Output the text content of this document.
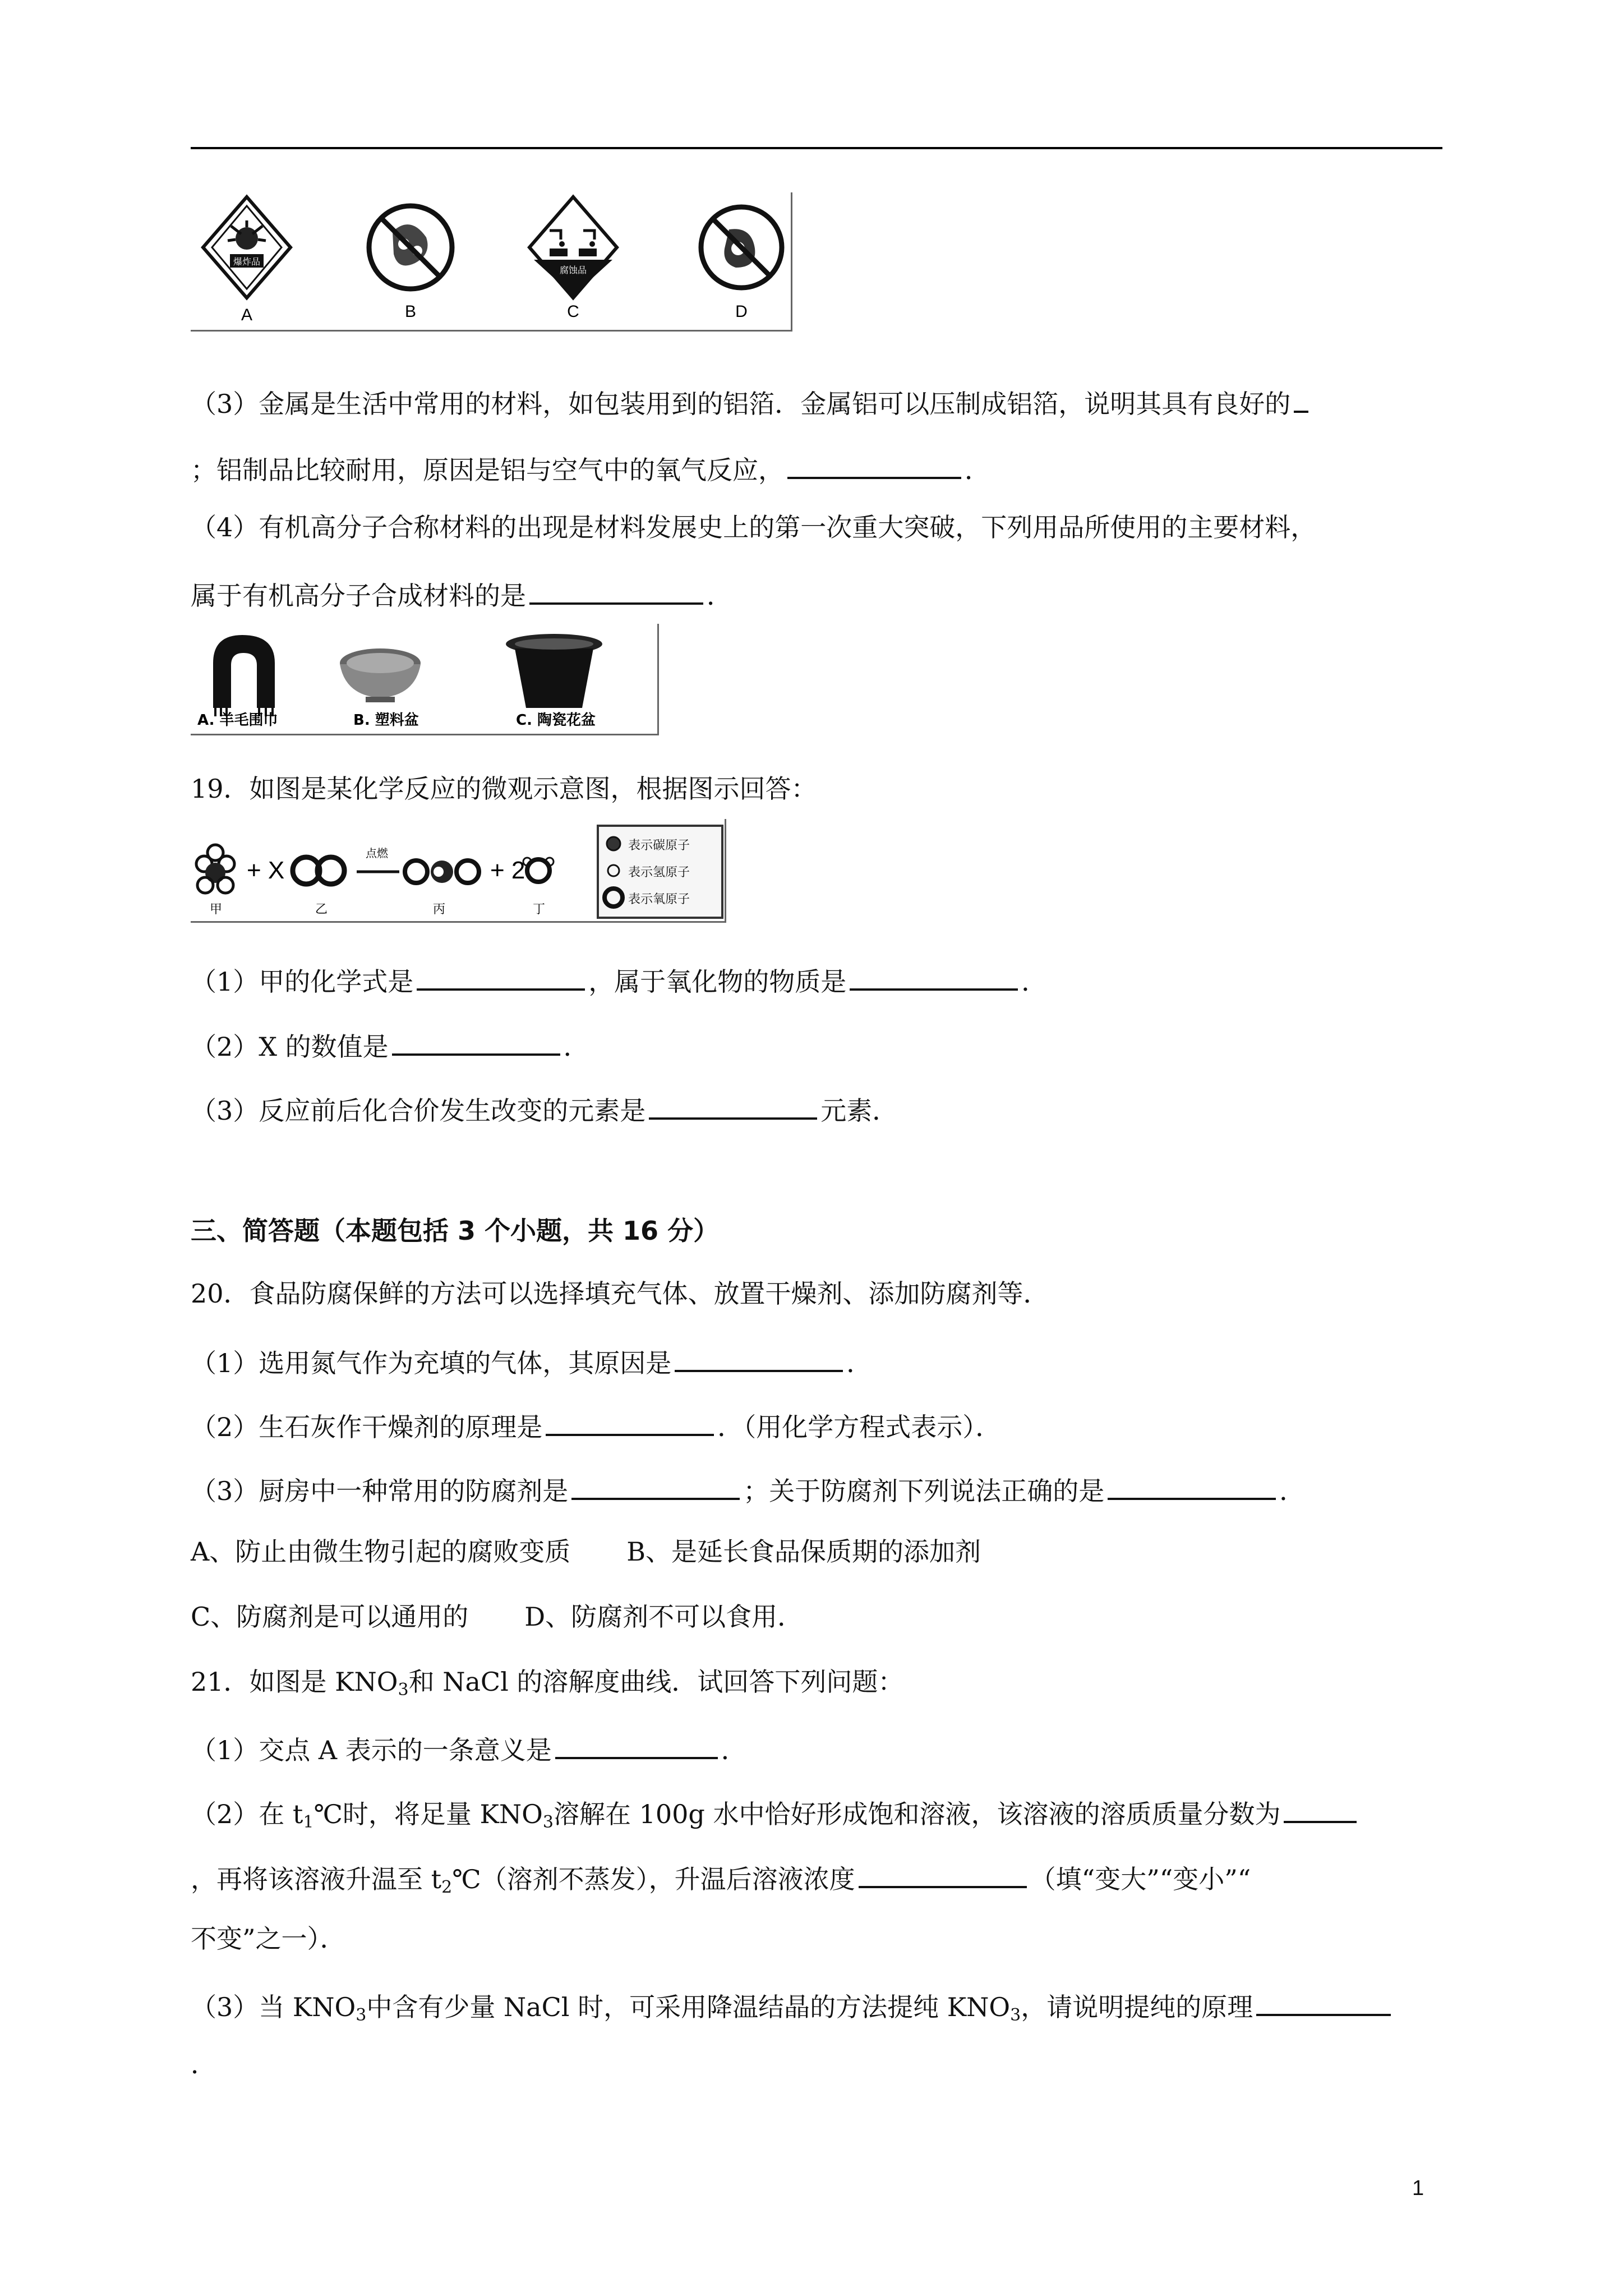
爆炸品
腐蚀品
A	B	C	D
（3）金属是生活中常用的材料，如包装用到的铝箔．金属铝可以压制成铝箔，说明其具有良好的
；铝制品比较耐用，原因是铝与空气中的氧气反应，	．
（4）有机高分子合称材料的出现是材料发展史上的第一次重大突破，下列用品所使用的主要材料，
属于有机高分子合成材料的是	．
A. 羊毛围巾	B. 塑料盆	C. 陶瓷花盆
19．如图是某化学反应的微观示意图，根据图示回答：
+ X
点燃
+ 2
甲	乙	丙	丁
表示碳原子
表示氢原子
表示氧原子
（1）甲的化学式是	，属于氧化物的物质是	．
（2）X 的数值是	．
（3）反应前后化合价发生改变的元素是	元素．
三、简答题（本题包括 3 个小题，共 16 分）
20．食品防腐保鲜的方法可以选择填充气体、放置干燥剂、添加防腐剂等．
（1）选用氮气作为充填的气体，其原因是	．
（2）生石灰作干燥剂的原理是	．（用化学方程式表示）．
（3）厨房中一种常用的防腐剂是	；关于防腐剂下列说法正确的是	．
A、防止由微生物引起的腐败变质 B、是延长食品保质期的添加剂
C、防腐剂是可以通用的 D、防腐剂不可以食用．
21．如图是 $KNO_3$和 NaCl 的溶解度曲线．试回答下列问题：
（1）交点 A 表示的一条意义是	．
（2）在 $t_1℃$时，将足量 $KNO_3$溶解在 100g 水中恰好形成饱和溶液，该溶液的溶质质量分数为
，再将该溶液升温至 $t_2℃$（溶剂不蒸发），升温后溶液浓度	（填“变大”“变小”“
不变”之一）．
（3）当 $KNO_3$中含有少量 NaCl 时，可采用降温结晶的方法提纯 $KNO_3$，请说明提纯的原理
．
1
